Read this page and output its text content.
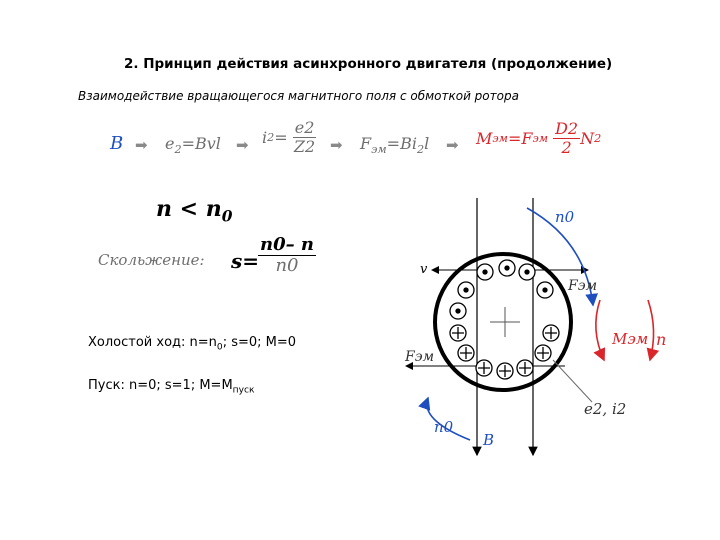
2. Принцип действия асинхронного двигателя (продолжение)
Взаимодействие вращающегося магнитного поля с обмоткой ротора
B ➡ $e_2=Bvl$ ➡ $i2= \frac{e2}{Z2}$ ➡ $F_{эм}=Bi_2l$ ➡ $Mэм=Fэм \frac{D2}{2} N2$
$n < n_0$
Скольжение: s=
$\frac{n0- n}{n0}$
Холостой ход: $n=n_0$; s=0; M=0
Пуск: n=0; s=1; $M=M_{пуск}$
v
n0
Fэм
Fэм
Mэм n
e2, i2
n0
B
